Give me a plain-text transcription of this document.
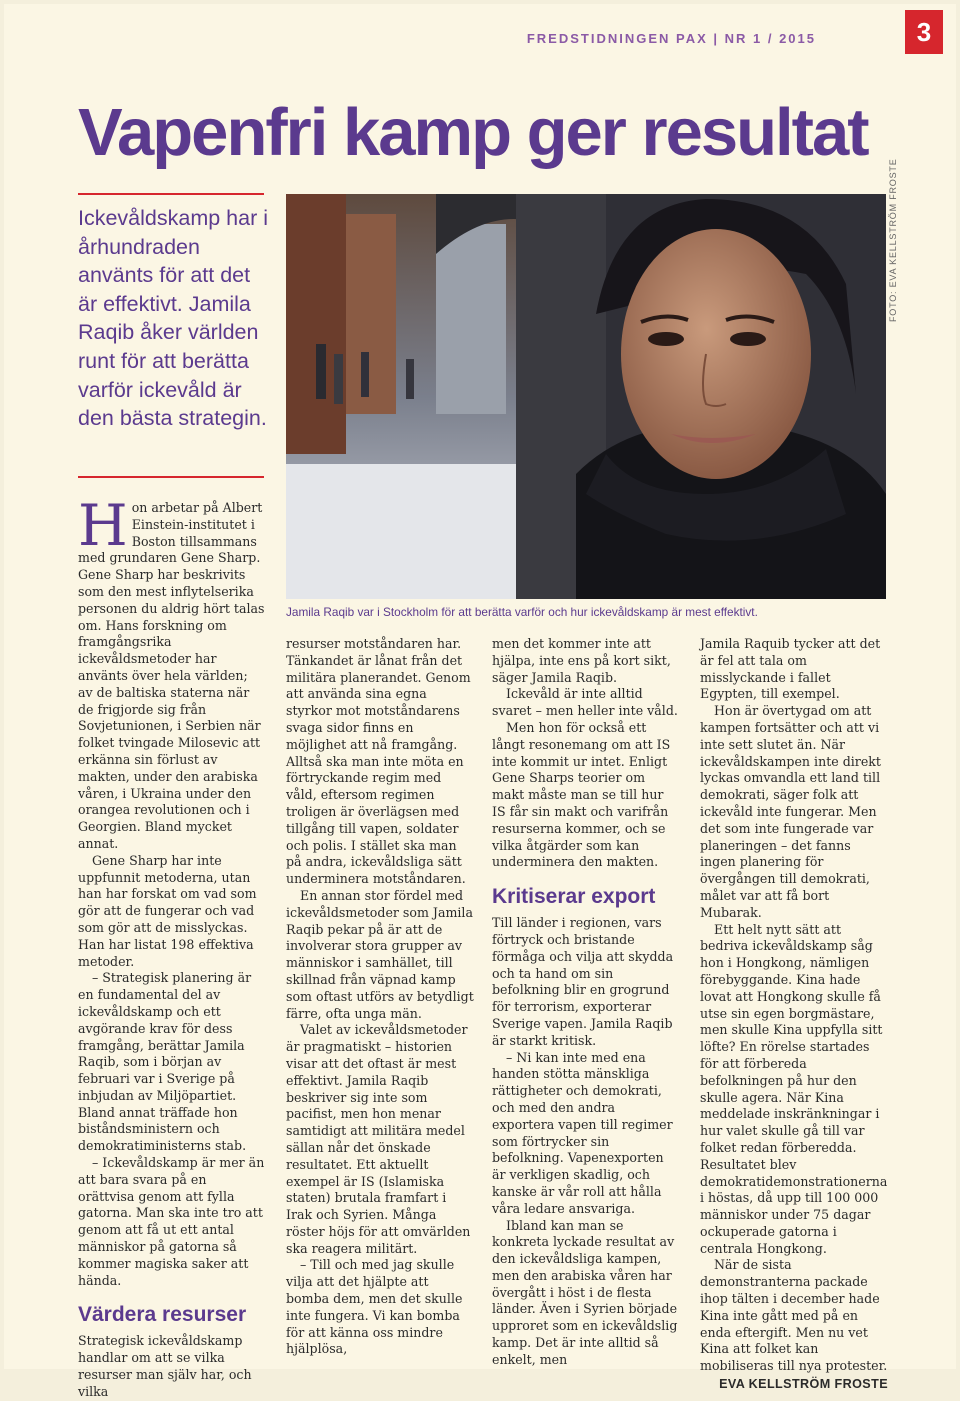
FREDSTIDNINGEN PAX | NR 1 / 2015	3
Vapenfri kamp ger resultat

Ickevåldskamp har i århundraden använts för att det är effektivt. Jamila Raqib åker världen runt för att berätta varför ickevåld är den bästa strategin.

FOTO: EVA KELLSTRÖM FROSTE

Jamila Raqib var i Stockholm för att berätta varför och hur ickevåldskamp är mest effektivt.

Hon arbetar på Albert Einstein-institutet i Boston tillsammans med grundaren Gene Sharp. Gene Sharp har beskrivits som den mest inflytelserika personen du aldrig hört talas om. Hans forskning om framgångsrika ickevåldsmetoder har använts över hela världen; av de baltiska staterna när de frigjorde sig från Sovjetunionen, i Serbien när folket tvingade Milosevic att erkänna sin förlust av makten, under den arabiska våren, i Ukraina under den orangea revolutionen och i Georgien. Bland mycket annat.

Gene Sharp har inte uppfunnit metoderna, utan han har forskat om vad som gör att de fungerar och vad som gör att de misslyckas. Han har listat 198 effektiva metoder.

– Strategisk planering är en fundamental del av ickevåldskamp och ett avgörande krav för dess framgång, berättar Jamila Raqib, som i början av februari var i Sverige på inbjudan av Miljöpartiet. Bland annat träffade hon biståndsministern och demokratiministerns stab.

– Ickevåldskamp är mer än att bara svara på en orättvisa genom att fylla gatorna. Man ska inte tro att genom att få ut ett antal människor på gatorna så kommer magiska saker att hända.

Värdera resurser

Strategisk ickevåldskamp handlar om att se vilka resurser man själv har, och vilka

resurser motståndaren har. Tänkandet är lånat från det militära planerandet. Genom att använda sina egna styrkor mot motståndarens svaga sidor finns en möjlighet att nå framgång. Alltså ska man inte möta en förtryckande regim med våld, eftersom regimen troligen är överlägsen med tillgång till vapen, soldater och polis. I stället ska man på andra, ickevåldsliga sätt underminera motståndaren.

En annan stor fördel med ickevåldsmetoder som Jamila Raqib pekar på är att de involverar stora grupper av människor i samhället, till skillnad från väpnad kamp som oftast utförs av betydligt färre, ofta unga män.

Valet av ickevåldsmetoder är pragmatiskt – historien visar att det oftast är mest effektivt. Jamila Raqib beskriver sig inte som pacifist, men hon menar samtidigt att militära medel sällan når det önskade resultatet. Ett aktuellt exempel är IS (Islamiska staten) brutala framfart i Irak och Syrien. Många röster höjs för att omvärlden ska reagera militärt.

– Till och med jag skulle vilja att det hjälpte att bomba dem, men det skulle inte fungera. Vi kan bomba för att känna oss mindre hjälplösa,

men det kommer inte att hjälpa, inte ens på kort sikt, säger Jamila Raqib.

Ickevåld är inte alltid svaret – men heller inte våld.

Men hon för också ett långt resonemang om att IS inte kommit ur intet. Enligt Gene Sharps teorier om makt måste man se till hur IS får sin makt och varifrån resurserna kommer, och se vilka åtgärder som kan underminera den makten.

Kritiserar export

Till länder i regionen, vars förtryck och bristande förmåga och vilja att skydda och ta hand om sin befolkning blir en grogrund för terrorism, exporterar Sverige vapen. Jamila Raqib är starkt kritisk.

– Ni kan inte med ena handen stötta mänskliga rättigheter och demokrati, och med den andra exportera vapen till regimer som förtrycker sin befolkning. Vapenexporten är verkligen skadlig, och kanske är vår roll att hålla våra ledare ansvariga.

Ibland kan man se konkreta lyckade resultat av den ickevåldsliga kampen, men den arabiska våren har övergått i höst i de flesta länder. Även i Syrien började upproret som en ickevåldslig kamp. Det är inte alltid så enkelt, men

Jamila Raquib tycker att det är fel att tala om misslyckande i fallet Egypten, till exempel.

Hon är övertygad om att kampen fortsätter och att vi inte sett slutet än. När ickevåldskampen inte direkt lyckas omvandla ett land till demokrati, säger folk att ickevåld inte fungerar. Men det som inte fungerade var planeringen – det fanns ingen planering för övergången till demokrati, målet var att få bort Mubarak.

Ett helt nytt sätt att bedriva ickevåldskamp såg hon i Hongkong, nämligen förebyggande. Kina hade lovat att Hongkong skulle få utse sin egen borgmästare, men skulle Kina uppfylla sitt löfte? En rörelse startades för att förbereda befolkningen på hur den skulle agera. När Kina meddelade inskränkningar i hur valet skulle gå till var folket redan förberedda. Resultatet blev demokratidemonstrationerna i höstas, då upp till 100 000 människor under 75 dagar ockuperade gatorna i centrala Hongkong.

När de sista demonstranterna packade ihop tälten i december hade Kina inte gått med på en enda eftergift. Men nu vet Kina att folket kan mobiliseras till nya protester.

EVA KELLSTRÖM FROSTE
